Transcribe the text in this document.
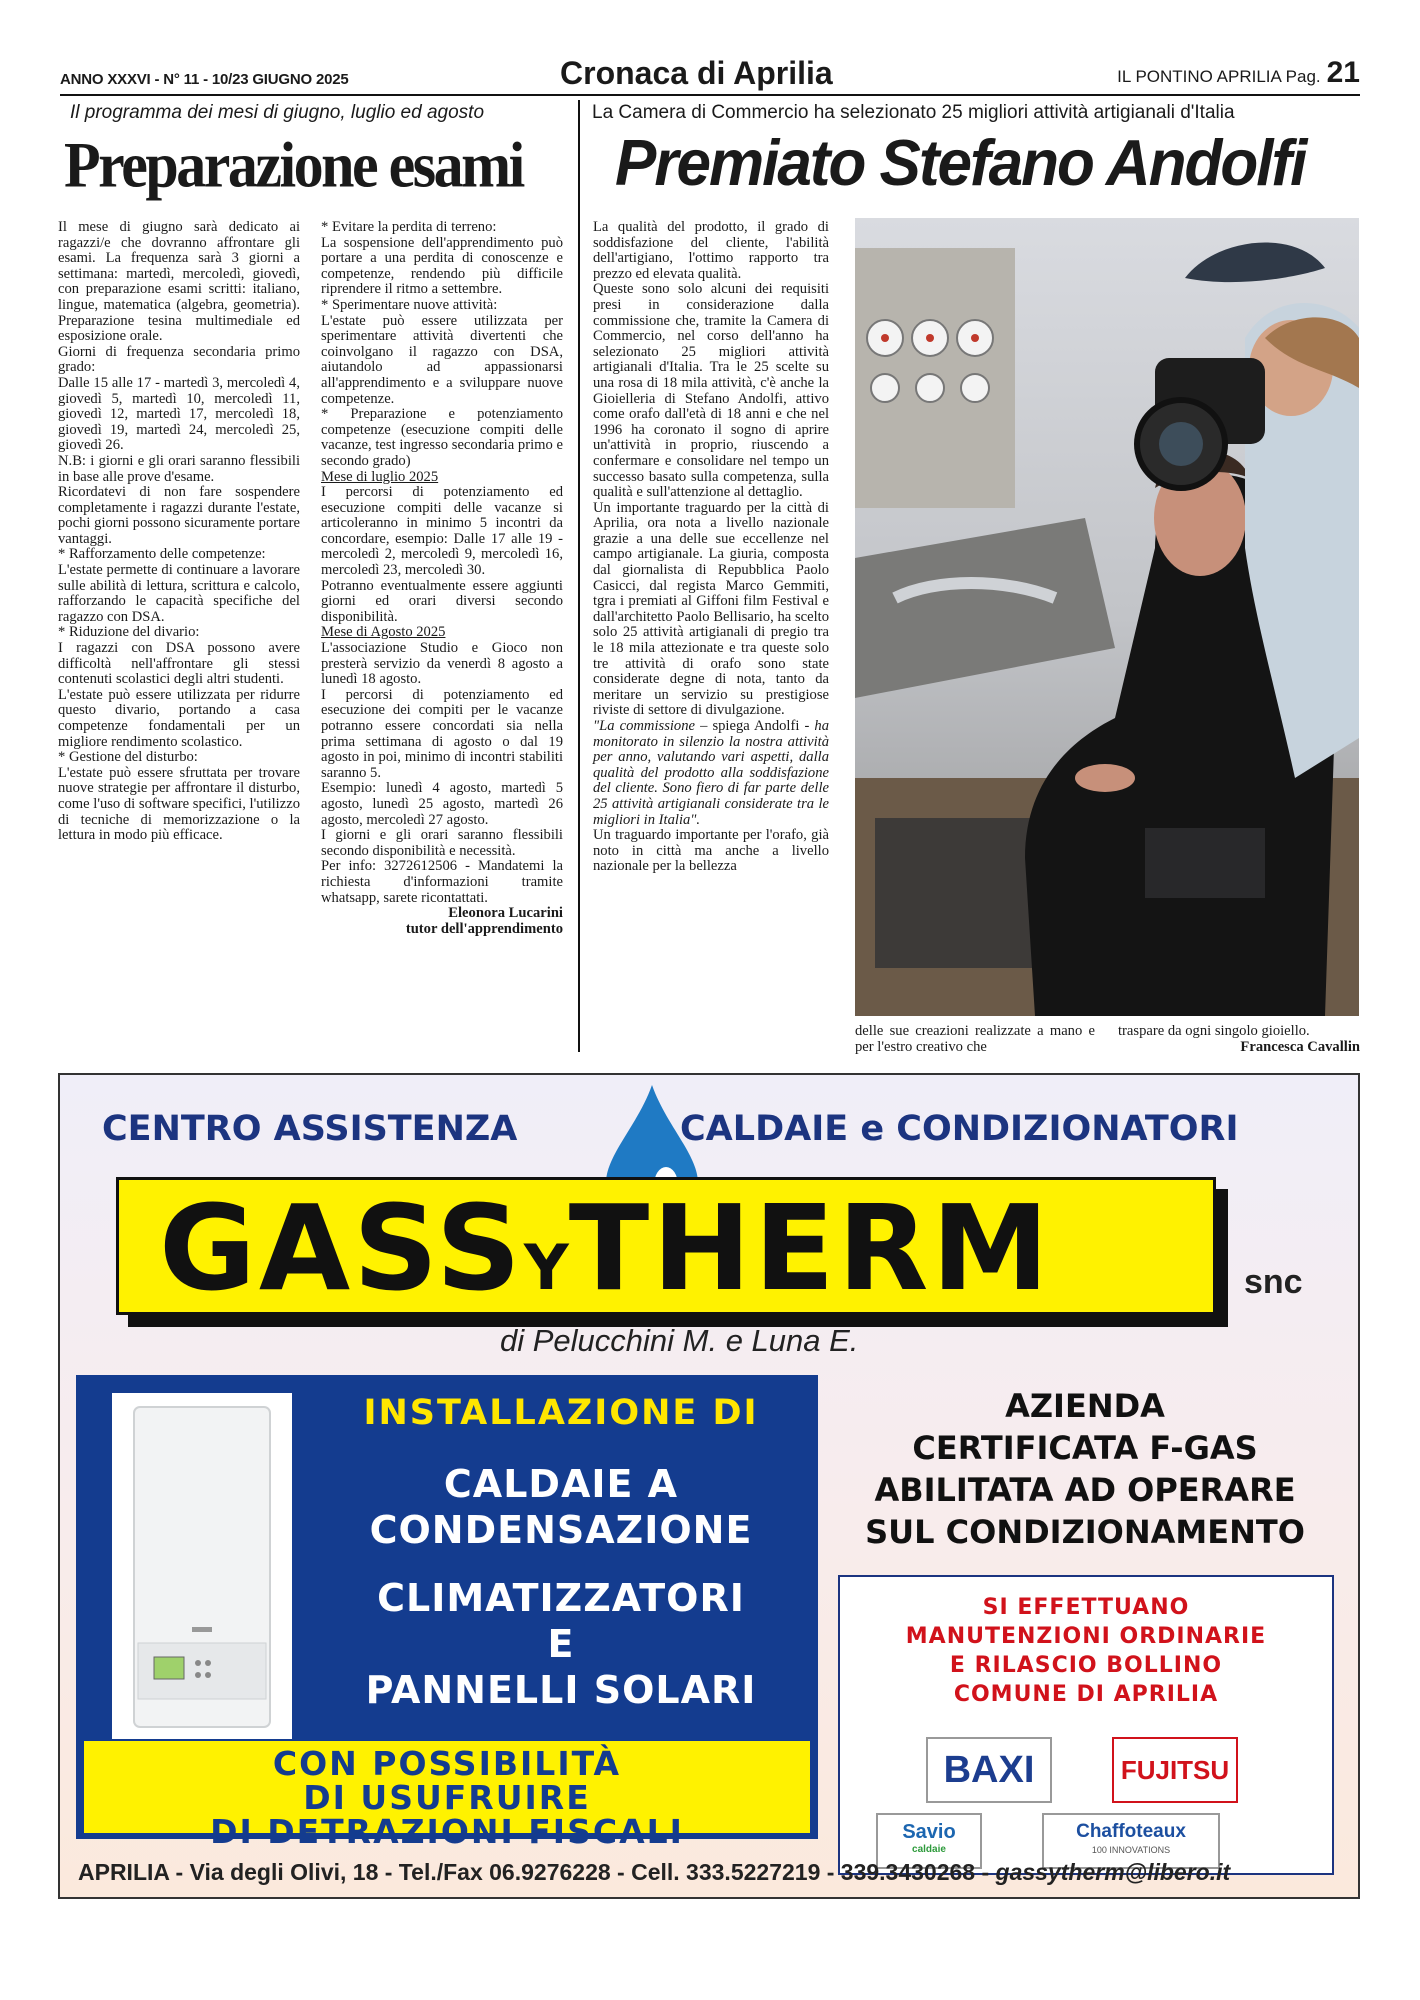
ANNO XXXVI - N° 11 - 10/23 GIUGNO 2025	Cronaca di Aprilia	IL PONTINO APRILIA Pag. 21
Il programma dei mesi di giugno, luglio ed agosto
Preparazione esami

Il mese di giugno sarà dedicato ai ragazzi/e che dovranno affrontare gli esami. La frequenza sarà 3 giorni a settimana: martedì, mercoledì, giovedì, con preparazione esami scritti: italiano, lingue, matematica (algebra, geometria). Preparazione tesina multimediale ed esposizione orale.

Giorni di frequenza secondaria primo grado:

Dalle 15 alle 17 - martedì 3, mercoledì 4, giovedì 5, martedì 10, mercoledì 11, giovedì 12, martedì 17, mercoledì 18, giovedì 19, martedì 24, mercoledì 25, giovedì 26.

N.B: i giorni e gli orari saranno flessibili in base alle prove d'esame.

Ricordatevi di non fare sospendere completamente i ragazzi durante l'estate, pochi giorni possono sicuramente portare vantaggi.

* Rafforzamento delle competenze:

L'estate permette di continuare a lavorare sulle abilità di lettura, scrittura e calcolo, rafforzando le capacità specifiche del ragazzo con DSA.

* Riduzione del divario:

I ragazzi con DSA possono avere difficoltà nell'affrontare gli stessi contenuti scolastici degli altri studenti.

L'estate può essere utilizzata per ridurre questo divario, portando a casa competenze fondamentali per un migliore rendimento scolastico.

* Gestione del disturbo:

L'estate può essere sfruttata per trovare nuove strategie per affrontare il disturbo, come l'uso di software specifici, l'utilizzo di tecniche di memorizzazione o la lettura in modo più efficace.

* Evitare la perdita di terreno:

La sospensione dell'apprendimento può portare a una perdita di conoscenze e competenze, rendendo più difficile riprendere il ritmo a settembre.

* Sperimentare nuove attività:

L'estate può essere utilizzata per sperimentare attività divertenti che coinvolgano il ragazzo con DSA, aiutandolo ad appassionarsi all'apprendimento e a sviluppare nuove competenze.

* Preparazione e potenziamento competenze (esecuzione compiti delle vacanze, test ingresso secondaria primo e secondo grado)

Mese di luglio 2025

I percorsi di potenziamento ed esecuzione compiti delle vacanze si articoleranno in minimo 5 incontri da concordare, esempio: Dalle 17 alle 19 - mercoledì 2, mercoledì 9, mercoledì 16, mercoledì 23, mercoledì 30.

Potranno eventualmente essere aggiunti giorni ed orari diversi secondo disponibilità.

Mese di Agosto 2025

L'associazione Studio e Gioco non presterà servizio da venerdì 8 agosto a lunedì 18 agosto.

I percorsi di potenziamento ed esecuzione dei compiti per le vacanze potranno essere concordati sia nella prima settimana di agosto o dal 19 agosto in poi, minimo di incontri stabiliti saranno 5.

Esempio: lunedì 4 agosto, martedì 5 agosto, lunedì 25 agosto, martedì 26 agosto, mercoledì 27 agosto.

I giorni e gli orari saranno flessibili secondo disponibilità e necessità.

Per info: 3272612506 - Mandatemi la richiesta d'informazioni tramite whatsapp, sarete ricontattati.

Eleonora Lucarini

tutor dell'apprendimento

La Camera di Commercio ha selezionato 25 migliori attività artigianali d'Italia
Premiato Stefano Andolfi

La qualità del prodotto, il grado di soddisfazione del cliente, l'abilità dell'artigiano, l'ottimo rapporto tra prezzo ed elevata qualità.

Queste sono solo alcuni dei requisiti presi in considerazione dalla commissione che, tramite la Camera di Commercio, nel corso dell'anno ha selezionato 25 migliori attività artigianali d'Italia. Tra le 25 scelte su una rosa di 18 mila attività, c'è anche la Gioielleria di Stefano Andolfi, attivo come orafo dall'età di 18 anni e che nel 1996 ha coronato il sogno di aprire un'attività in proprio, riuscendo a confermare e consolidare nel tempo un successo basato sulla competenza, sulla qualità e sull'attenzione al dettaglio.

Un importante traguardo per la città di Aprilia, ora nota a livello nazionale grazie a una delle sue eccellenze nel campo artigianale. La giuria, composta dal giornalista di Repubblica Paolo Casicci, dal regista Marco Gemmiti, tgra i premiati al Giffoni film Festival e dall'architetto Paolo Bellisario, ha scelto solo 25 attività artigianali di pregio tra le 18 mila attezionate e tra queste solo tre attività di orafo sono state considerate degne di nota, tanto da meritare un servizio su prestigiose riviste di settore di divulgazione.

"La commissione – spiega Andolfi - ha monitorato in silenzio la nostra attività per anno, valutando vari aspetti, dalla qualità del prodotto alla soddisfazione del cliente. Sono fiero di far parte delle 25 attività artigianali considerate tra le migliori in Italia".

Un traguardo importante per l'orafo, già noto in città ma anche a livello nazionale per la bellezza

delle sue creazioni realizzate a mano e per l'estro creativo che

traspare da ogni singolo gioiello.

Francesca Cavallin

CENTRO ASSISTENZA	CALDAIE e CONDIZIONATORI
GASSYTHERM	snc
di Pelucchini M. e Luna E.
INSTALLAZIONE DI
CALDAIE A
CONDENSAZIONE
CLIMATIZZATORI
E
PANNELLI SOLARI
CON POSSIBILITÀ
DI USUFRUIRE
DI DETRAZIONI FISCALI
AZIENDA
CERTIFICATA F-GAS
ABILITATA AD OPERARE
SUL CONDIZIONAMENTO
SI EFFETTUANO
MANUTENZIONI ORDINARIE
E RILASCIO BOLLINO
COMUNE DI APRILIA
BAXI	FUJITSU
Savio
caldaie
Chaffoteaux
100 INNOVATIONS
APRILIA - Via degli Olivi, 18 - Tel./Fax 06.9276228 - Cell. 333.5227219 - 339.3430268 - gassytherm@libero.it
